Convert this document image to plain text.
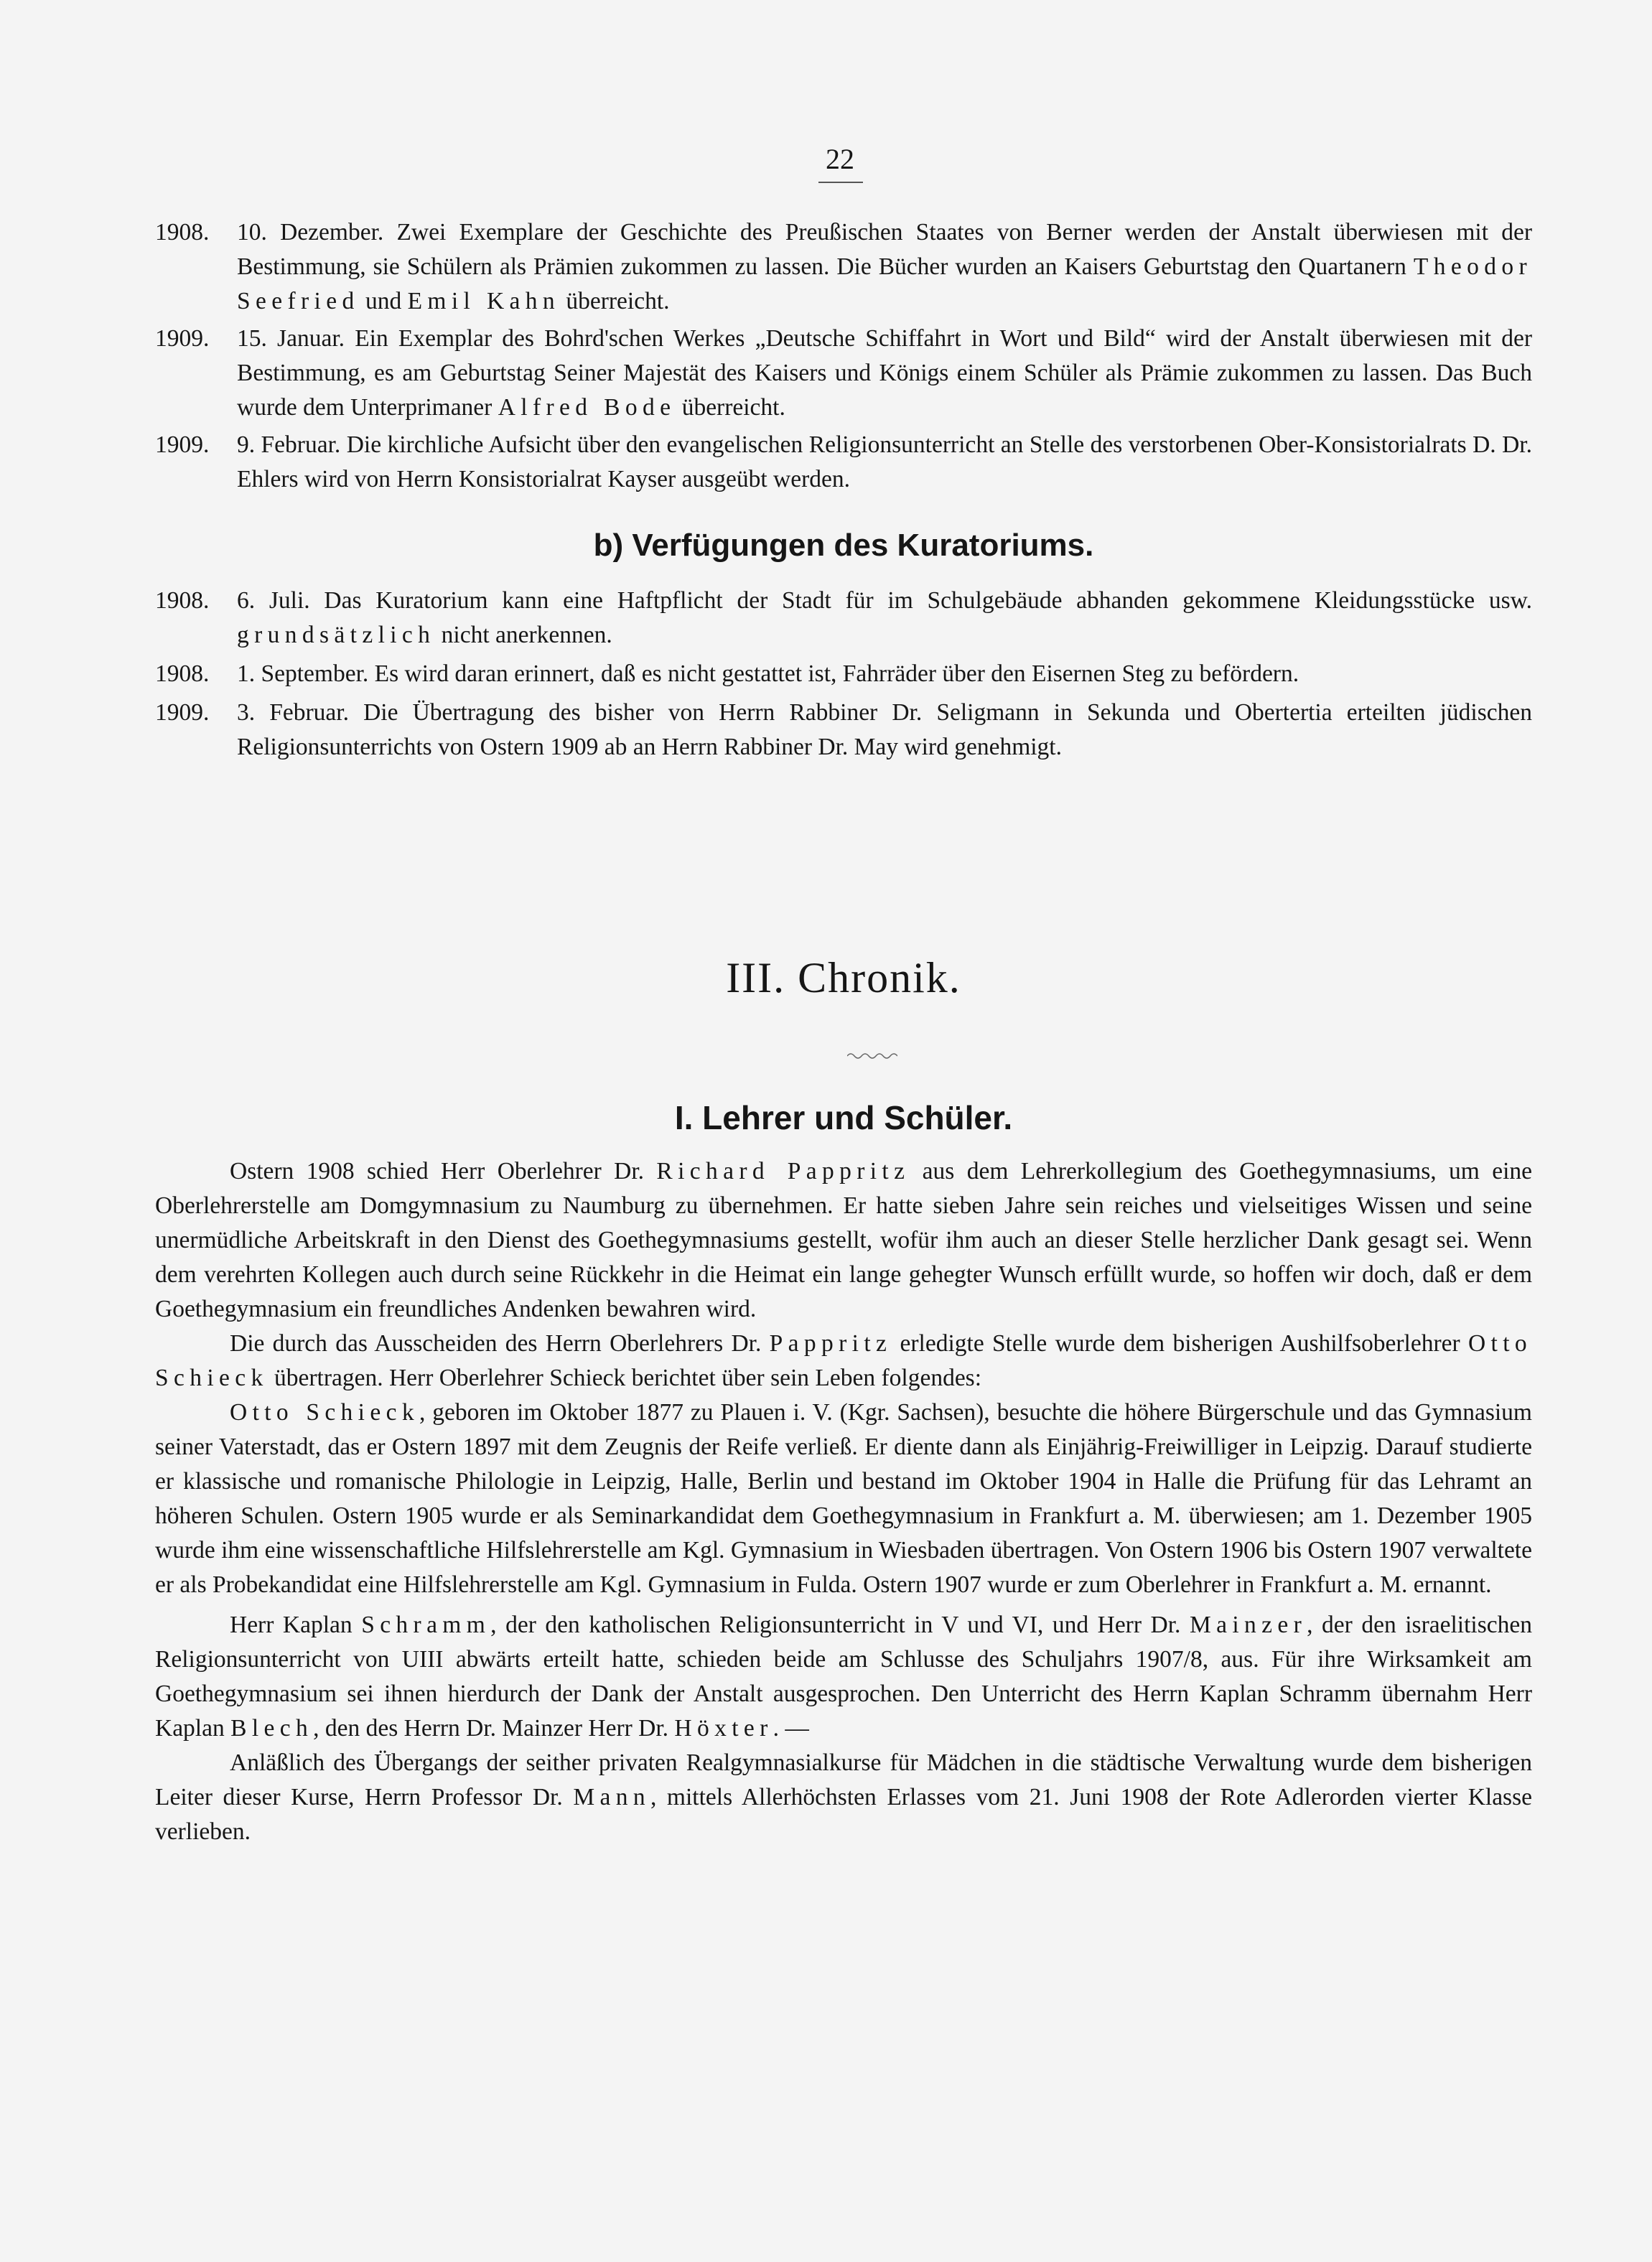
22
1908. 10. Dezember. Zwei Exemplare der Geschichte des Preußischen Staates von Berner werden der Anstalt überwiesen mit der Bestimmung, sie Schülern als Prämien zukommen zu lassen. Die Bücher wurden an Kaisers Geburtstag den Quartanern Theodor Seefried und Emil Kahn überreicht.

1909. 15. Januar. Ein Exemplar des Bohrd'schen Werkes „Deutsche Schiffahrt in Wort und Bild“ wird der Anstalt überwiesen mit der Bestimmung, es am Geburtstag Seiner Majestät des Kaisers und Königs einem Schüler als Prämie zukommen zu lassen. Das Buch wurde dem Unterprimaner Alfred Bode überreicht.

1909. 9. Februar. Die kirchliche Aufsicht über den evangelischen Religionsunterricht an Stelle des verstorbenen Ober-Konsistorialrats D. Dr. Ehlers wird von Herrn Konsistorialrat Kayser ausgeübt werden.

b) Verfügungen des Kuratoriums.
1908. 6. Juli. Das Kuratorium kann eine Haftpflicht der Stadt für im Schulgebäude abhanden gekommene Kleidungsstücke usw. grundsätzlich nicht anerkennen.

1908. 1. September. Es wird daran erinnert, daß es nicht gestattet ist, Fahrräder über den Eisernen Steg zu befördern.

1909. 3. Februar. Die Übertragung des bisher von Herrn Rabbiner Dr. Seligmann in Sekunda und Obertertia erteilten jüdischen Religionsunterrichts von Ostern 1909 ab an Herrn Rabbiner Dr. May wird genehmigt.

III. Chronik.
I. Lehrer und Schüler.

Ostern 1908 schied Herr Oberlehrer Dr. Richard Pappritz aus dem Lehrerkollegium des Goethegymnasiums, um eine Oberlehrerstelle am Domgymnasium zu Naumburg zu übernehmen. Er hatte sieben Jahre sein reiches und vielseitiges Wissen und seine unermüdliche Arbeitskraft in den Dienst des Goethegymnasiums gestellt, wofür ihm auch an dieser Stelle herzlicher Dank gesagt sei. Wenn dem verehrten Kollegen auch durch seine Rückkehr in die Heimat ein lange gehegter Wunsch erfüllt wurde, so hoffen wir doch, daß er dem Goethegymnasium ein freundliches Andenken bewahren wird.

Die durch das Ausscheiden des Herrn Oberlehrers Dr. Pappritz erledigte Stelle wurde dem bisherigen Aushilfsoberlehrer Otto Schieck übertragen. Herr Oberlehrer Schieck berichtet über sein Leben folgendes:

Otto Schieck, geboren im Oktober 1877 zu Plauen i. V. (Kgr. Sachsen), besuchte die höhere Bürgerschule und das Gymnasium seiner Vaterstadt, das er Ostern 1897 mit dem Zeugnis der Reife verließ. Er diente dann als Einjährig-Freiwilliger in Leipzig. Darauf studierte er klassische und romanische Philologie in Leipzig, Halle, Berlin und bestand im Oktober 1904 in Halle die Prüfung für das Lehramt an höheren Schulen. Ostern 1905 wurde er als Seminarkandidat dem Goethegymnasium in Frankfurt a. M. überwiesen; am 1. Dezember 1905 wurde ihm eine wissenschaftliche Hilfslehrerstelle am Kgl. Gymnasium in Wiesbaden übertragen. Von Ostern 1906 bis Ostern 1907 verwaltete er als Probekandidat eine Hilfslehrerstelle am Kgl. Gymnasium in Fulda. Ostern 1907 wurde er zum Oberlehrer in Frankfurt a. M. ernannt.

Herr Kaplan Schramm, der den katholischen Religionsunterricht in V und VI, und Herr Dr. Mainzer, der den israelitischen Religionsunterricht von UIII abwärts erteilt hatte, schieden beide am Schlusse des Schuljahrs 1907/8, aus. Für ihre Wirksamkeit am Goethegymnasium sei ihnen hierdurch der Dank der Anstalt ausgesprochen. Den Unterricht des Herrn Kaplan Schramm übernahm Herr Kaplan Blech, den des Herrn Dr. Mainzer Herr Dr. Höxter. —

Anläßlich des Übergangs der seither privaten Realgymnasialkurse für Mädchen in die städtische Verwaltung wurde dem bisherigen Leiter dieser Kurse, Herrn Professor Dr. Mann, mittels Allerhöchsten Erlasses vom 21. Juni 1908 der Rote Adlerorden vierter Klasse verlieben.
